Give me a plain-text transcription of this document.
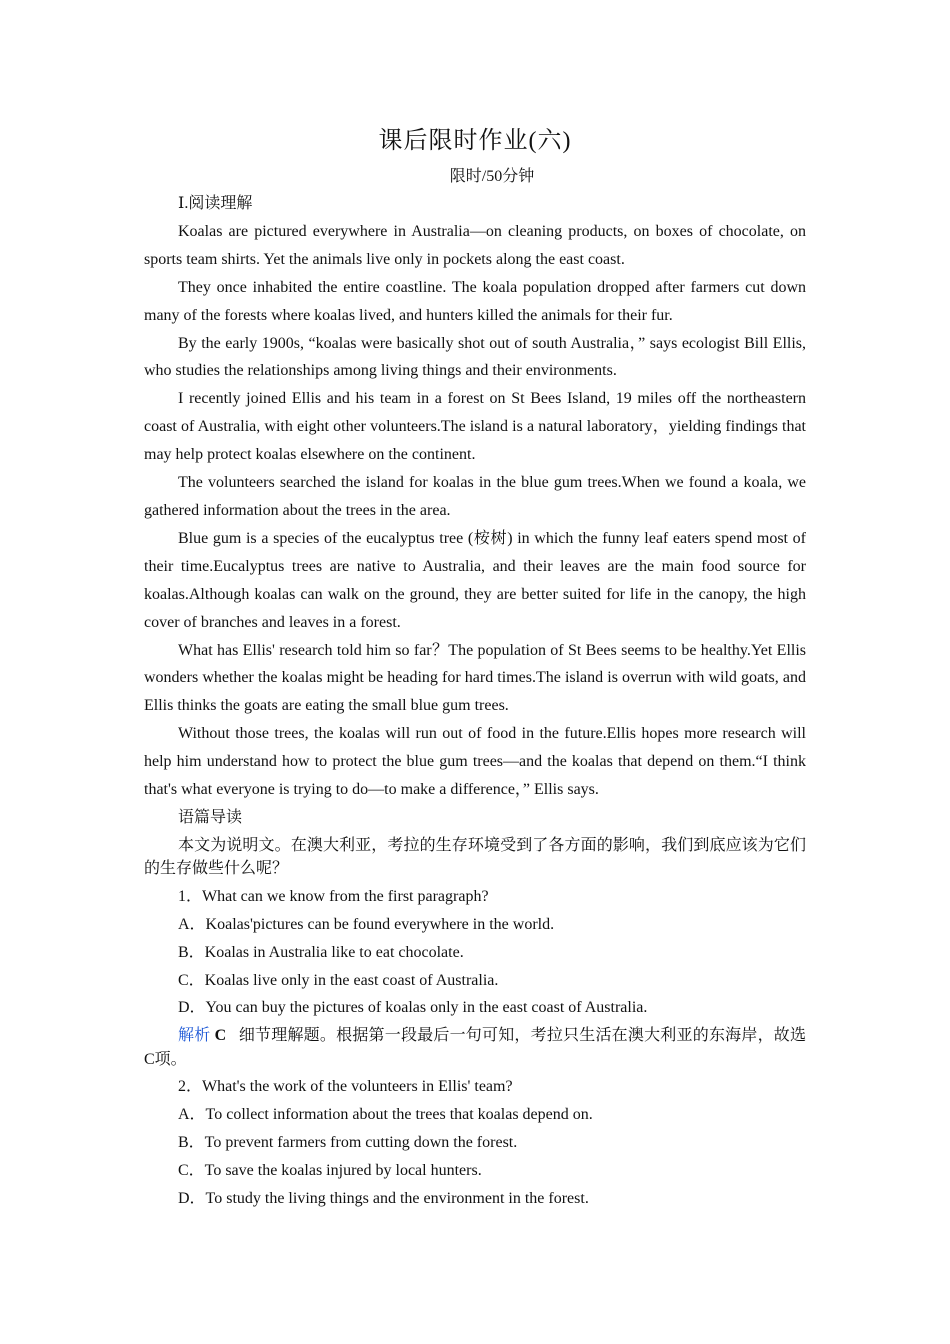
课后限时作业(六)
限时/50分钟

Ⅰ.阅读理解

Koalas are pictured everywhere in Australia—on cleaning products, on boxes of chocolate, on sports team shirts. Yet the animals live only in pockets along the east coast.

They once inhabited the entire coastline. The koala population dropped after farmers cut down many of the forests where koalas lived, and hunters killed the animals for their fur.

By the early 1900s, “koalas were basically shot out of south Australia，” says ecologist Bill Ellis, who studies the relationships among living things and their environments.

I recently joined Ellis and his team in a forest on St Bees Island, 19 miles off the northeastern coast of Australia, with eight other volunteers.The island is a natural laboratory，yielding findings that may help protect koalas elsewhere on the continent.

The volunteers searched the island for koalas in the blue gum trees.When we found a koala, we gathered information about the trees in the area.

Blue gum is a species of the eucalyptus tree (桉树) in which the funny leaf eaters spend most of their time.Eucalyptus trees are native to Australia, and their leaves are the main food source for koalas.Although koalas can walk on the ground, they are better suited for life in the canopy, the high cover of branches and leaves in a forest.

What has Ellis' research told him so far？The population of St Bees seems to be healthy.Yet Ellis wonders whether the koalas might be heading for hard times.The island is overrun with wild goats, and Ellis thinks the goats are eating the small blue gum trees.

Without those trees, the koalas will run out of food in the future.Ellis hopes more research will help him understand how to protect the blue gum trees—and the koalas that depend on them.“I think that's what everyone is trying to do—to make a difference，” Ellis says.

语篇导读

本文为说明文。在澳大利亚，考拉的生存环境受到了各方面的影响，我们到底应该为它们的生存做些什么呢？

1．What can we know from the first paragraph?

A．Koalas'pictures can be found everywhere in the world.

B．Koalas in Australia like to eat chocolate.

C．Koalas live only in the east coast of Australia.

D．You can buy the pictures of koalas only in the east coast of Australia.

解析 C 细节理解题。根据第一段最后一句可知，考拉只生活在澳大利亚的东海岸，故选C项。

2．What's the work of the volunteers in Ellis' team?

A．To collect information about the trees that koalas depend on.

B．To prevent farmers from cutting down the forest.

C．To save the koalas injured by local hunters.

D．To study the living things and the environment in the forest.
